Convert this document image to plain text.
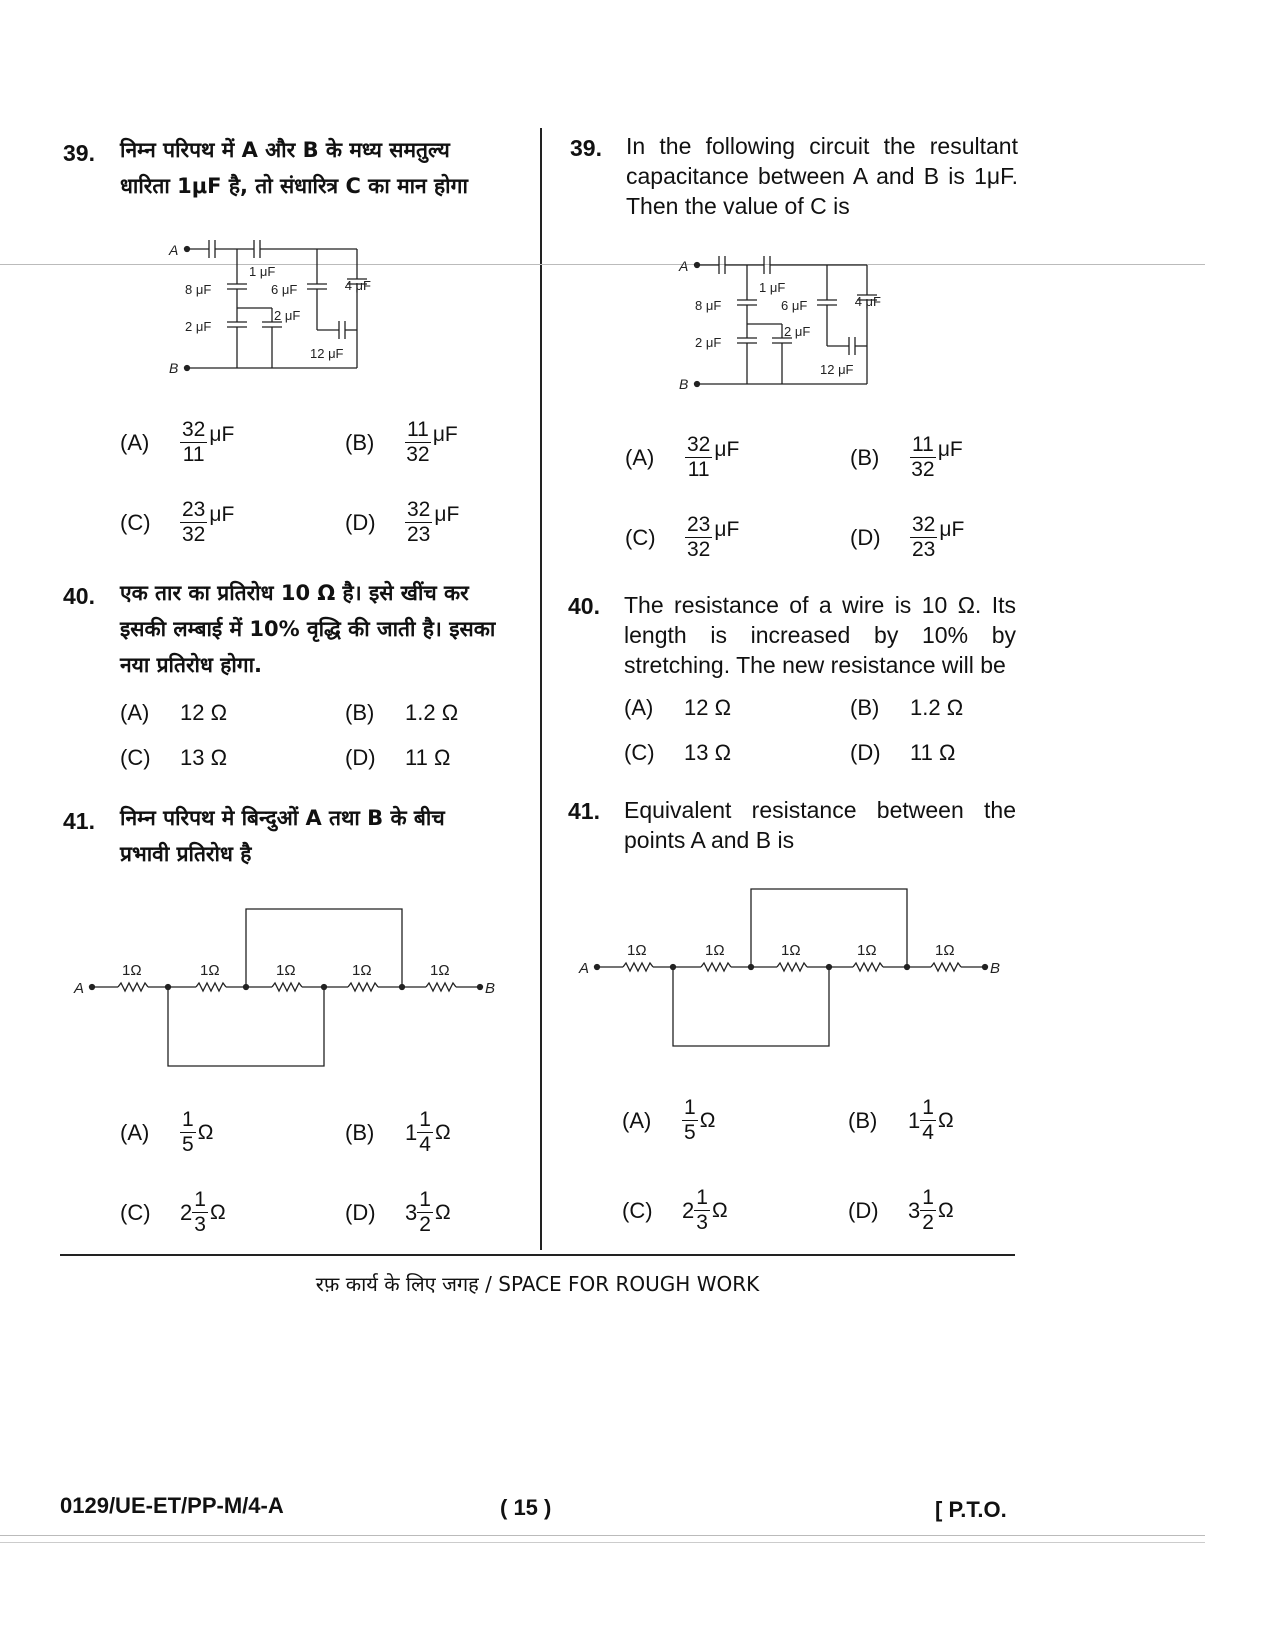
39. निम्न परिपथ में A और B के मध्य समतुल्य
धारिता 1μF है, तो संधारित्र C का मान होगा
A
B
1 μF
8 μF	6 μF	4 μF
2 μF
2 μF
12 μF
(A)	$\frac{32}{11}$ μF	(B)	$\frac{11}{32}$ μF
(C)	$\frac{23}{32}$ μF	(D)	$\frac{32}{23}$ μF
40. एक तार का प्रतिरोध 10 Ω है। इसे खींच कर
इसकी लम्बाई में 10% वृद्धि की जाती है। इसका
नया प्रतिरोध होगा.
(A)	12 Ω	(B)	1.2 Ω
(C)	13 Ω	(D)	11 Ω
41. निम्न परिपथ मे बिन्दुओं A तथा B के बीच
प्रभावी प्रतिरोध है
A	B
1Ω	1Ω	1Ω	1Ω	1Ω
(A)	$\frac{1}{5}$ Ω	(B)	$1 \frac{1}{4}$ Ω
(C)	$2 \frac{1}{3}$ Ω	(D)	$3 \frac{1}{2}$ Ω
39. In the following circuit the resultant capacitance between A and B is 1μF. Then the value of C is
A
B
1 μF
8 μF	6 μF	4 μF
2 μF
2 μF
12 μF
(A)	$\frac{32}{11}$ μF	(B)	$\frac{11}{32}$ μF
(C)	$\frac{23}{32}$ μF	(D)	$\frac{32}{23}$ μF
40. The resistance of a wire is 10 Ω. Its length is increased by 10% by stretching. The new resistance will be
(A)	12 Ω	(B)	1.2 Ω
(C)	13 Ω	(D)	11 Ω
41. Equivalent resistance between the points A and B is
A	B
1Ω	1Ω	1Ω	1Ω	1Ω
(A)	$\frac{1}{5}$ Ω	(B)	$1 \frac{1}{4}$ Ω
(C)	$2 \frac{1}{3}$ Ω	(D)	$3 \frac{1}{2}$ Ω
रफ़ कार्य के लिए जगह / SPACE FOR ROUGH WORK
0129/UE-ET/PP-M/4-A	( 15 )	[ P.T.O.
